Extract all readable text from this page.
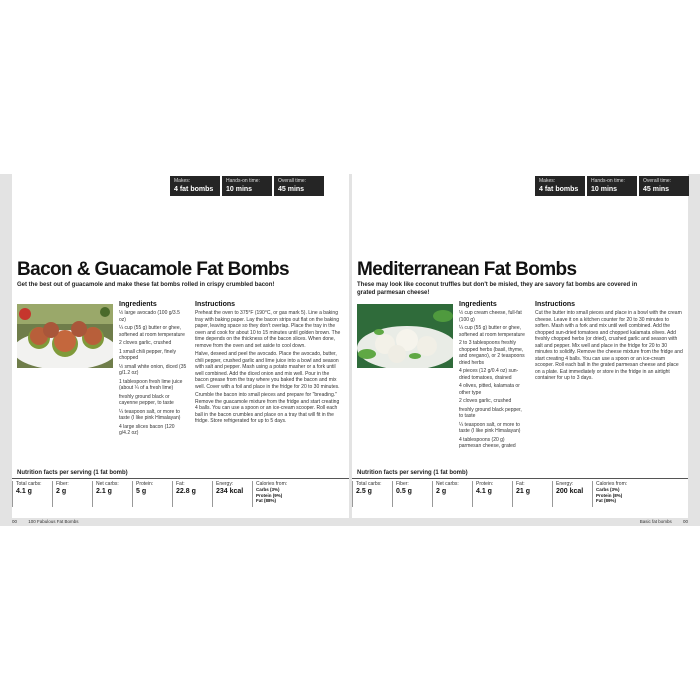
Makes:
4 fat bombs
Hands-on time:
10 mins
Overall time:
45 mins
Bacon & Guacamole Fat Bombs
Get the best out of guacamole and make these fat bombs rolled in crispy crumbled bacon!
Ingredients
½ large avocado (100 g/3.5 oz)
¼ cup (55 g) butter or ghee, softened at room temperature
2 cloves garlic, crushed
1 small chili pepper, finely chopped
½ small white onion, diced (35 g/1.2 oz)
1 tablespoon fresh lime juice (about ¼ of a fresh lime)
freshly ground black or cayenne pepper, to taste
¼ teaspoon salt, or more to taste (I like pink Himalayan)
4 large slices bacon (120 g/4.2 oz)
Instructions

Preheat the oven to 375°F (190°C, or gas mark 5). Line a baking tray with baking paper. Lay the bacon strips out flat on the baking paper, leaving space so they don't overlap. Place the tray in the oven and cook for about 10 to 15 minutes until golden brown. The time depends on the thickness of the bacon slices. When done, remove from the oven and set aside to cool down.

Halve, deseed and peel the avocado. Place the avocado, butter, chili pepper, crushed garlic and lime juice into a bowl and season with salt and pepper. Mash using a potato masher or a fork until well combined. Add the diced onion and mix well. Pour in the bacon grease from the tray where you baked the bacon and mix well. Cover with a foil and place in the fridge for 20 to 30 minutes.

Crumble the bacon into small pieces and prepare for "breading." Remove the guacamole mixture from the fridge and start creating 4 balls. You can use a spoon or an ice-cream scooper. Roll each ball in the bacon crumbles and place on a tray that will fit in the fridge. Store refrigerated for up to 5 days.

Nutrition facts per serving (1 fat bomb)
Total carbs:
4.1 g
Fiber:
2 g
Net carbs:
2.1 g
Protein:
5 g
Fat:
22.8 g
Energy:
234 kcal
Calories from:
Carbs (3%)
Protein (9%)
Fat (88%)
Makes:
4 fat bombs
Hands-on time:
10 mins
Overall time:
45 mins
Mediterranean Fat Bombs
These may look like coconut truffles but don't be misled, they are savory fat bombs are covered in grated parmesan cheese!
Ingredients
½ cup cream cheese, full-fat (100 g)
¼ cup (55 g) butter or ghee, softened at room temperature
2 to 3 tablespoons freshly chopped herbs (basil, thyme, and oregano), or 2 teaspoons dried herbs
4 pieces (12 g/0.4 oz) sun-dried tomatoes, drained
4 olives, pitted, kalamata or other type
2 cloves garlic, crushed
freshly ground black pepper, to taste
¼ teaspoon salt, or more to taste (I like pink Himalayan)
4 tablespoons (20 g) parmesan cheese, grated
Instructions

Cut the butter into small pieces and place in a bowl with the cream cheese. Leave it on a kitchen counter for 20 to 30 minutes to soften. Mash with a fork and mix until well combined. Add the chopped sun-dried tomatoes and chopped kalamata olives. Add freshly chopped herbs (or dried), crushed garlic and season with salt and pepper. Mix well and place in the fridge for 20 to 30 minutes to solidify. Remove the cheese mixture from the fridge and start creating 4 balls. You can use a spoon or an ice-cream scooper. Roll each ball in the grated parmesan cheese and place on a plate. Eat immediately or store in the fridge in an airtight container for up to 3 days.

Nutrition facts per serving (1 fat bomb)
Total carbs:
2.5 g
Fiber:
0.5 g
Net carbs:
2 g
Protein:
4.1 g
Fat:
21 g
Energy:
200 kcal
Calories from:
Carbs (3%)
Protein (8%)
Fat (89%)
00	100 Fabulous Fat Bombs	Basic fat bombs	00
